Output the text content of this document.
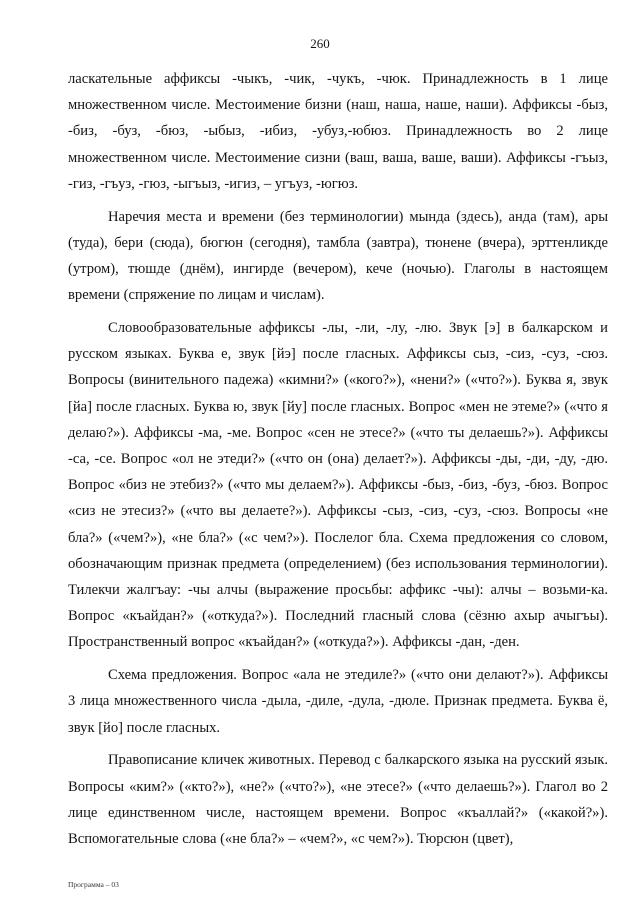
260

ласкательные аффиксы -чыкъ, -чик, -чукъ, -чюк. Принадлежность в 1 лице множественном числе. Местоимение бизни (наш, наша, наше, наши). Аффиксы -быз, -биз, -буз, -бюз, -ыбыз, -ибиз, -убуз,-юбюз. Принадлежность во 2 лице множественном числе. Местоимение сизни (ваш, ваша, ваше, ваши). Аффиксы -гъыз, -гиз, -гъуз, -гюз, -ыгъыз, -игиз, – угъуз, -югюз.

Наречия места и времени (без терминологии) мында (здесь), анда (там), ары (туда), бери (сюда), бюгюн (сегодня), тамбла (завтра), тюнене (вчера), эрттенликде (утром), тюшде (днём), ингирде (вечером), кече (ночью). Глаголы в настоящем времени (спряжение по лицам и числам).

Словообразовательные аффиксы -лы, -ли, -лу, -лю. Звук [э] в балкарском и русском языках. Буква е, звук [йэ] после гласных. Аффиксы сыз, -сиз, -суз, -сюз. Вопросы (винительного падежа) «кимни?» («кого?»), «нени?» («что?»). Буква я, звук [йа] после гласных. Буква ю, звук [йу] после гласных. Вопрос «мен не этеме?» («что я делаю?»). Аффиксы -ма, -ме. Вопрос «сен не этесе?» («что ты делаешь?»). Аффиксы -са, -се. Вопрос «ол не этеди?» («что он (она) делает?»). Аффиксы -ды, -ди, -ду, -дю. Вопрос «биз не этебиз?» («что мы делаем?»). Аффиксы -быз, -биз, -буз, -бюз. Вопрос «сиз не этесиз?» («что вы делаете?»). Аффиксы -сыз, -сиз, -суз, -сюз. Вопросы «не бла?» («чем?»), «не бла?» («с чем?»). Послелог бла. Схема предложения со словом, обозначающим признак предмета (определением) (без использования терминологии). Тилекчи жалгъау: -чы алчы (выражение просьбы: аффикс -чы): алчы – возьми-ка. Вопрос «къайдан?» («откуда?»). Последний гласный слова (сёзню ахыр ачыгъы). Пространственный вопрос «къайдан?» («откуда?»). Аффиксы -дан, -ден.

Схема предложения. Вопрос «ала не этедиле?» («что они делают?»). Аффиксы 3 лица множественного числа -дыла, -диле, -дула, -дюле. Признак предмета. Буква ё, звук [йо] после гласных.

Правописание кличек животных. Перевод с балкарского языка на русский язык. Вопросы «ким?» («кто?»), «не?» («что?»), «не этесе?» («что делаешь?»). Глагол во 2 лице единственном числе, настоящем времени. Вопрос «къаллай?» («какой?»). Вспомогательные слова («не бла?» – «чем?», «с чем?»). Тюрсюн (цвет),

Программа – 03
